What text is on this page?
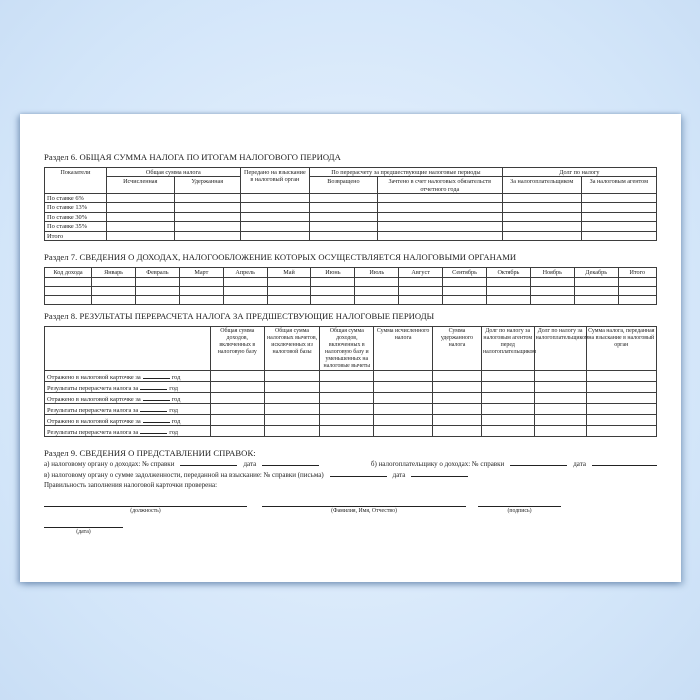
Раздел 6. ОБЩАЯ СУММА НАЛОГА ПО ИТОГАМ НАЛОГОВОГО ПЕРИОДА
Показатели	Общая сумма налога		Передано на взыскание в налоговый орган	По перерасчету за предшествующие налоговые периоды		Долг по налогу	
	Исчисленная	Удержанная		Возвращено	Зачтено в счет налоговых обязательств отчетного года	За налогоплательщиком	За налоговым агентом
По ставке 6%							
По ставке 13%							
По ставке 30%							
По ставке 35%							
Итого							
Раздел 7. СВЕДЕНИЯ О ДОХОДАХ, НАЛОГООБЛОЖЕНИЕ КОТОРЫХ ОСУЩЕСТВЛЯЕТСЯ НАЛОГОВЫМИ ОРГАНАМИ
Код дохода	Январь	Февраль	Март	Апрель	Май	Июнь	Июль	Август	Сентябрь	Октябрь	Ноябрь	Декабрь	Итого

Раздел 8. РЕЗУЛЬТАТЫ ПЕРЕРАСЧЕТА НАЛОГА ЗА ПРЕДШЕСТВУЮЩИЕ НАЛОГОВЫЕ ПЕРИОДЫ
	Общая сумма доходов, включенных в налоговую базу	Общая сумма налоговых вычетов, исключенных из налоговой базы	Общая сумма доходов, включенных в налоговую базу и уменьшенных на налоговые вычеты	Сумма исчисленного налога	Сумма удержанного налога	Долг по налогу за налоговым агентом перед налогоплательщиком	Долг по налогу за налогоплательщиком	Сумма налога, переданная на взыскание в налоговый орган
Отражено в налоговой карточке за год								
Результаты перерасчета налога за год								
Отражено в налоговой карточке за год								
Результаты перерасчета налога за год								
Отражено в налоговой карточке за год								
Результаты перерасчета налога за год								
Раздел 9. СВЕДЕНИЯ О ПРЕДСТАВЛЕНИИ СПРАВОК:
а) налоговому органу о доходах: № справки	дата	б) налогоплательщику о доходах: № справки	дата
в) налоговому органу о сумме задолженности, переданной на взыскание: № справки (письма)	дата
Правильность заполнения налоговой карточки проверена:
(должность)	(Фамилия, Имя, Отчество)	(подпись)
(дата)
